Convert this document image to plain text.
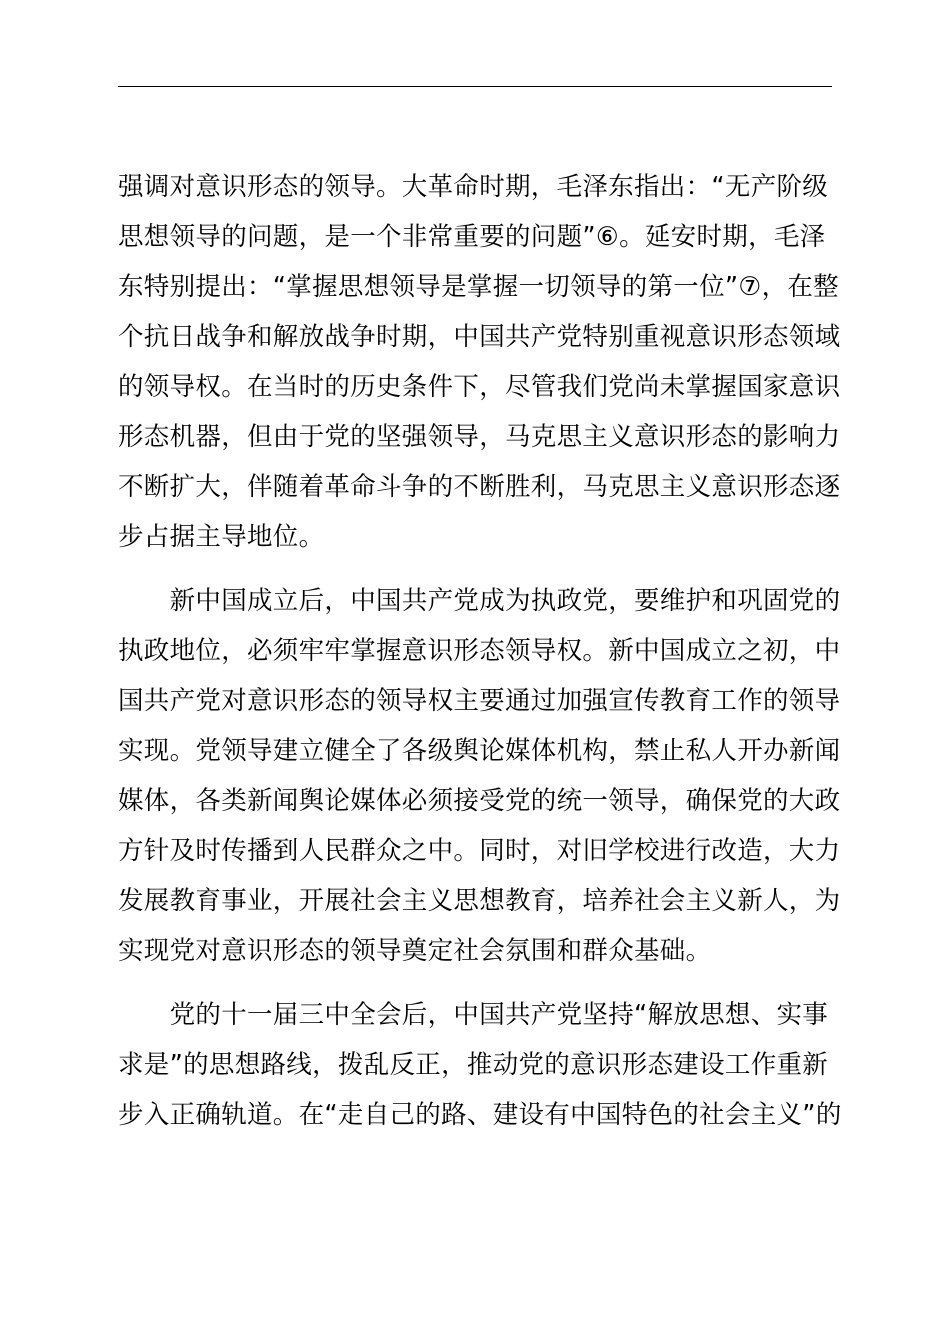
强调对意识形态的领导。大革命时期，毛泽东指出：“无产阶级
思想领导的问题，是一个非常重要的问题”⑥。延安时期，毛泽
东特别提出：“掌握思想领导是掌握一切领导的第一位”⑦，在整
个抗日战争和解放战争时期，中国共产党特别重视意识形态领域
的领导权。在当时的历史条件下，尽管我们党尚未掌握国家意识
形态机器，但由于党的坚强领导，马克思主义意识形态的影响力
不断扩大，伴随着革命斗争的不断胜利，马克思主义意识形态逐
步占据主导地位。

　　新中国成立后，中国共产党成为执政党，要维护和巩固党的
执政地位，必须牢牢掌握意识形态领导权。新中国成立之初，中
国共产党对意识形态的领导权主要通过加强宣传教育工作的领导
实现。党领导建立健全了各级舆论媒体机构，禁止私人开办新闻
媒体，各类新闻舆论媒体必须接受党的统一领导，确保党的大政
方针及时传播到人民群众之中。同时，对旧学校进行改造，大力
发展教育事业，开展社会主义思想教育，培养社会主义新人，为
实现党对意识形态的领导奠定社会氛围和群众基础。

　　党的十一届三中全会后，中国共产党坚持“解放思想、实事
求是”的思想路线，拨乱反正，推动党的意识形态建设工作重新
步入正确轨道。在“走自己的路、建设有中国特色的社会主义”的
